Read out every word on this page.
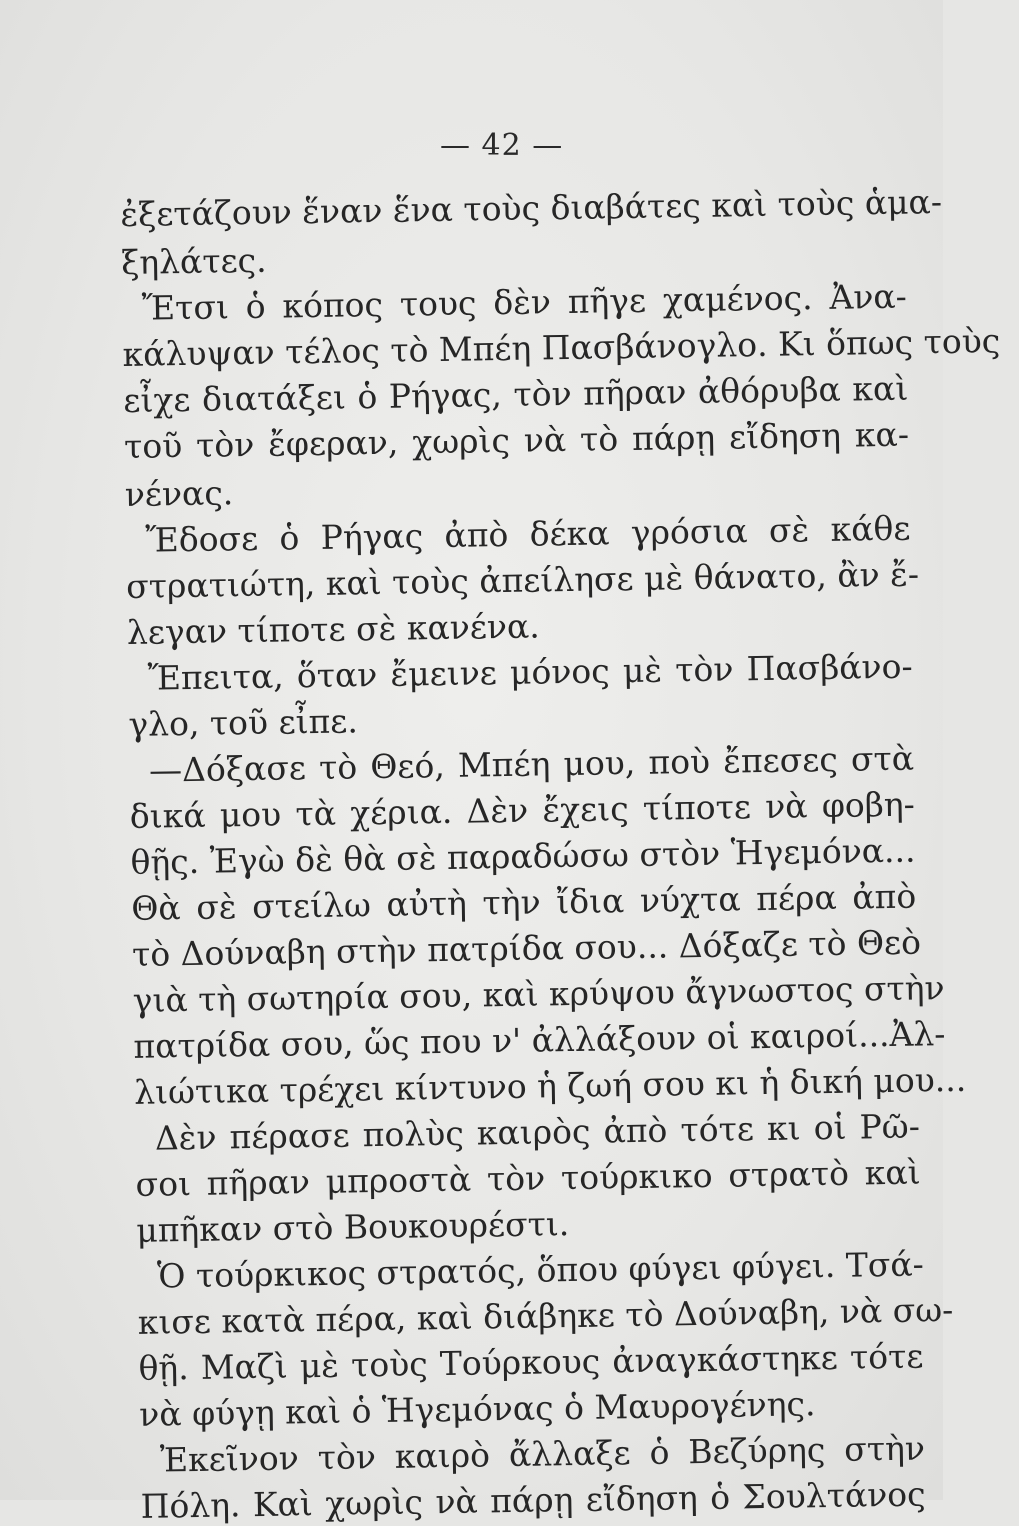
— 42 —
ἐξετάζουν ἕναν ἕνα τοὺς διαβάτες καὶ τοὺς ἁμα-
ξηλάτες.
Ἔτσι ὁ κόπος τους δὲν πῆγε χαμένος. Ἀνα-
κάλυψαν τέλος τὸ Μπέη Πασβάνογλο. Κι ὅπως τοὺς
εἶχε διατάξει ὁ Ρήγας, τὸν πῆραν ἀθόρυβα καὶ
τοῦ τὸν ἔφεραν, χωρὶς νὰ τὸ πάρῃ εἴδηση κα-
νένας.
Ἔδοσε ὁ Ρήγας ἀπὸ δέκα γρόσια σὲ κάθε
στρατιώτη, καὶ τοὺς ἀπείλησε μὲ θάνατο, ἂν ἔ-
λεγαν τίποτε σὲ κανένα.
Ἔπειτα, ὅταν ἔμεινε μόνος μὲ τὸν Πασβάνο-
γλο, τοῦ εἶπε.
—Δόξασε τὸ Θεό, Μπέη μου, ποὺ ἔπεσες στὰ
δικά μου τὰ χέρια. Δὲν ἔχεις τίποτε νὰ φοβη-
θῇς. Ἐγὼ δὲ θὰ σὲ παραδώσω στὸν Ἡγεμόνα...
Θὰ σὲ στείλω αὐτὴ τὴν ἴδια νύχτα πέρα ἀπὸ
τὸ Δούναβη στὴν πατρίδα σου... Δόξαζε τὸ Θεὸ
γιὰ τὴ σωτηρία σου, καὶ κρύψου ἄγνωστος στὴν
πατρίδα σου, ὥς που ν' ἀλλάξουν οἱ καιροί...Ἀλ-
λιώτικα τρέχει κίντυνο ἡ ζωή σου κι ἡ δική μου...
Δὲν πέρασε πολὺς καιρὸς ἀπὸ τότε κι οἱ Ρῶ-
σοι πῆραν μπροστὰ τὸν τούρκικο στρατὸ καὶ
μπῆκαν στὸ Βουκουρέστι.
Ὁ τούρκικος στρατός, ὅπου φύγει φύγει. Τσά-
κισε κατὰ πέρα, καὶ διάβηκε τὸ Δούναβη, νὰ σω-
θῇ. Μαζὶ μὲ τοὺς Τούρκους ἀναγκάστηκε τότε
νὰ φύγῃ καὶ ὁ Ἡγεμόνας ὁ Μαυρογένης.
Ἐκεῖνον τὸν καιρὸ ἄλλαξε ὁ Βεζύρης στὴν
Πόλη. Καὶ χωρὶς νὰ πάρῃ εἴδηση ὁ Σουλτάνος
